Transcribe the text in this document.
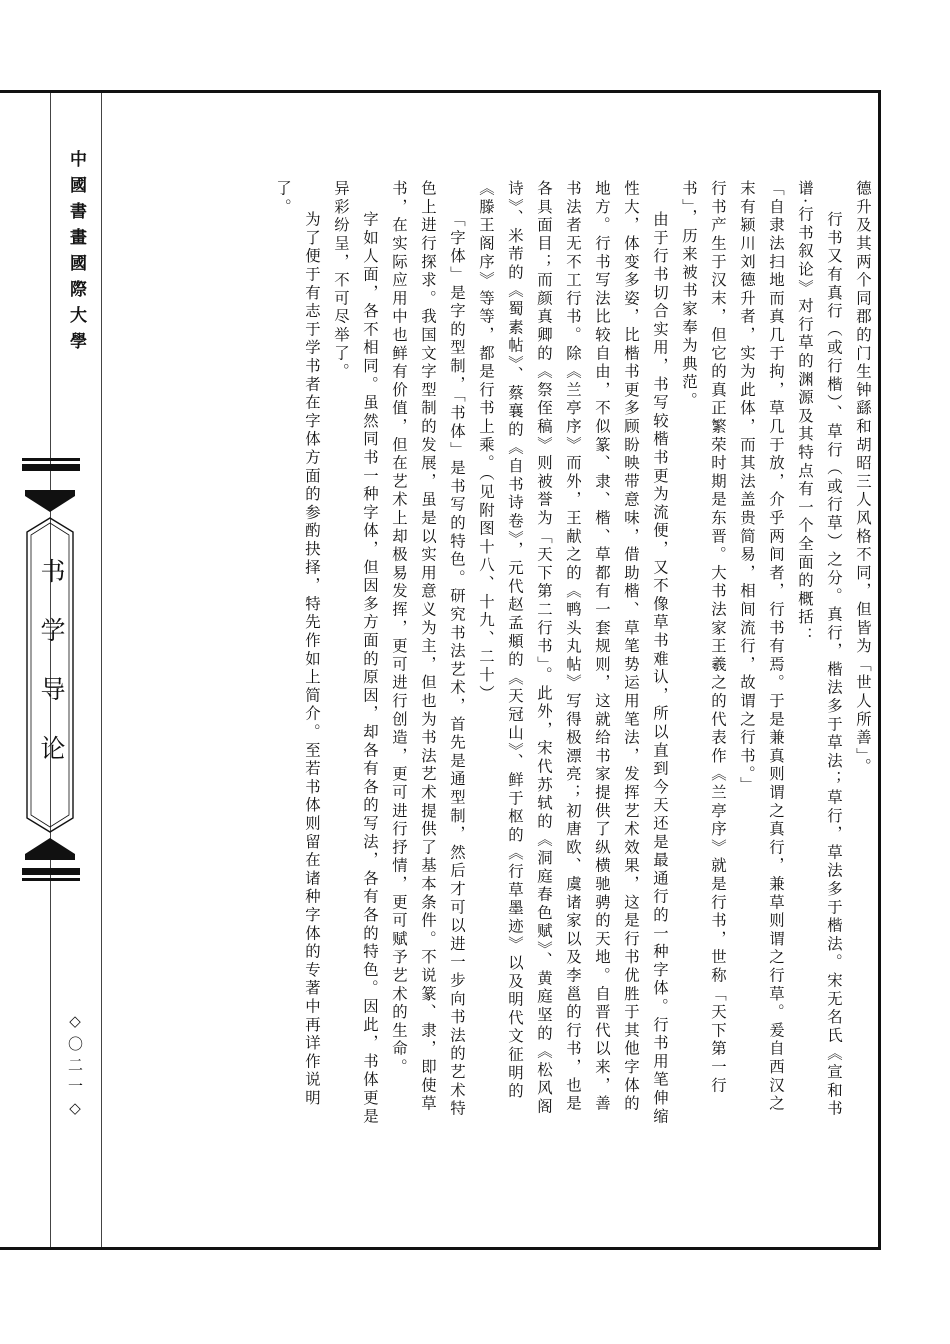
中國書畫國際大學
书学导论
◇〇二一◇

德升及其两个同郡的门生钟繇和胡昭三人风格不同，但皆为「世人所善」。

行书又有真行（或行楷）、草行（或行草）之分。真行，楷法多于草法；草行，草法多于楷法。宋无名氏《宣和书谱·行书叙论》对行草的渊源及其特点有一个全面的概括：

「自隶法扫地而真几于拘，草几于放，介乎两间者，行书有焉。于是兼真则谓之真行，兼草则谓之行草。爰自西汉之末有颍川刘德升者，实为此体，而其法盖贵简易，相间流行，故谓之行书。」

行书产生于汉末，但它的真正繁荣时期是东晋。大书法家王羲之的代表作《兰亭序》就是行书，世称「天下第一行书」，历来被书家奉为典范。

由于行书切合实用，书写较楷书更为流便，又不像草书难认，所以直到今天还是最通行的一种字体。行书用笔伸缩性大，体变多姿，比楷书更多顾盼映带意味，借助楷、草笔势运用笔法，发挥艺术效果，这是行书优胜于其他字体的地方。行书写法比较自由，不似篆、隶、楷、草都有一套规则，这就给书家提供了纵横驰骋的天地。自晋代以来，善书法者无不工行书。除《兰亭序》而外，王献之的《鸭头丸帖》写得极漂亮；初唐欧、虞诸家以及李邕的行书，也是各具面目；而颜真卿的《祭侄稿》则被誉为「天下第二行书」。此外，宋代苏轼的《洞庭春色赋》、黄庭坚的《松风阁诗》、米芾的《蜀素帖》、蔡襄的《自书诗卷》，元代赵孟頫的《天冠山》、鲜于枢的《行草墨迹》以及明代文征明的《滕王阁序》等等，都是行书上乘。（见附图十八、十九、二十）

「字体」是字的型制，「书体」是书写的特色。研究书法艺术，首先是通型制，然后才可以进一步向书法的艺术特色上进行探求。我国文字型制的发展，虽是以实用意义为主，但也为书法艺术提供了基本条件。不说篆、隶，即使草书，在实际应用中也鲜有价值，但在艺术上却极易发挥，更可进行创造，更可进行抒情，更可赋予艺术的生命。

字如人面，各不相同。虽然同书一种字体，但因多方面的原因，却各有各的写法，各有各的特色。因此，书体更是异彩纷呈，不可尽举了。

为了便于有志于学书者在字体方面的参酌抉择，特先作如上简介。至若书体则留在诸种字体的专著中再详作说明了。
